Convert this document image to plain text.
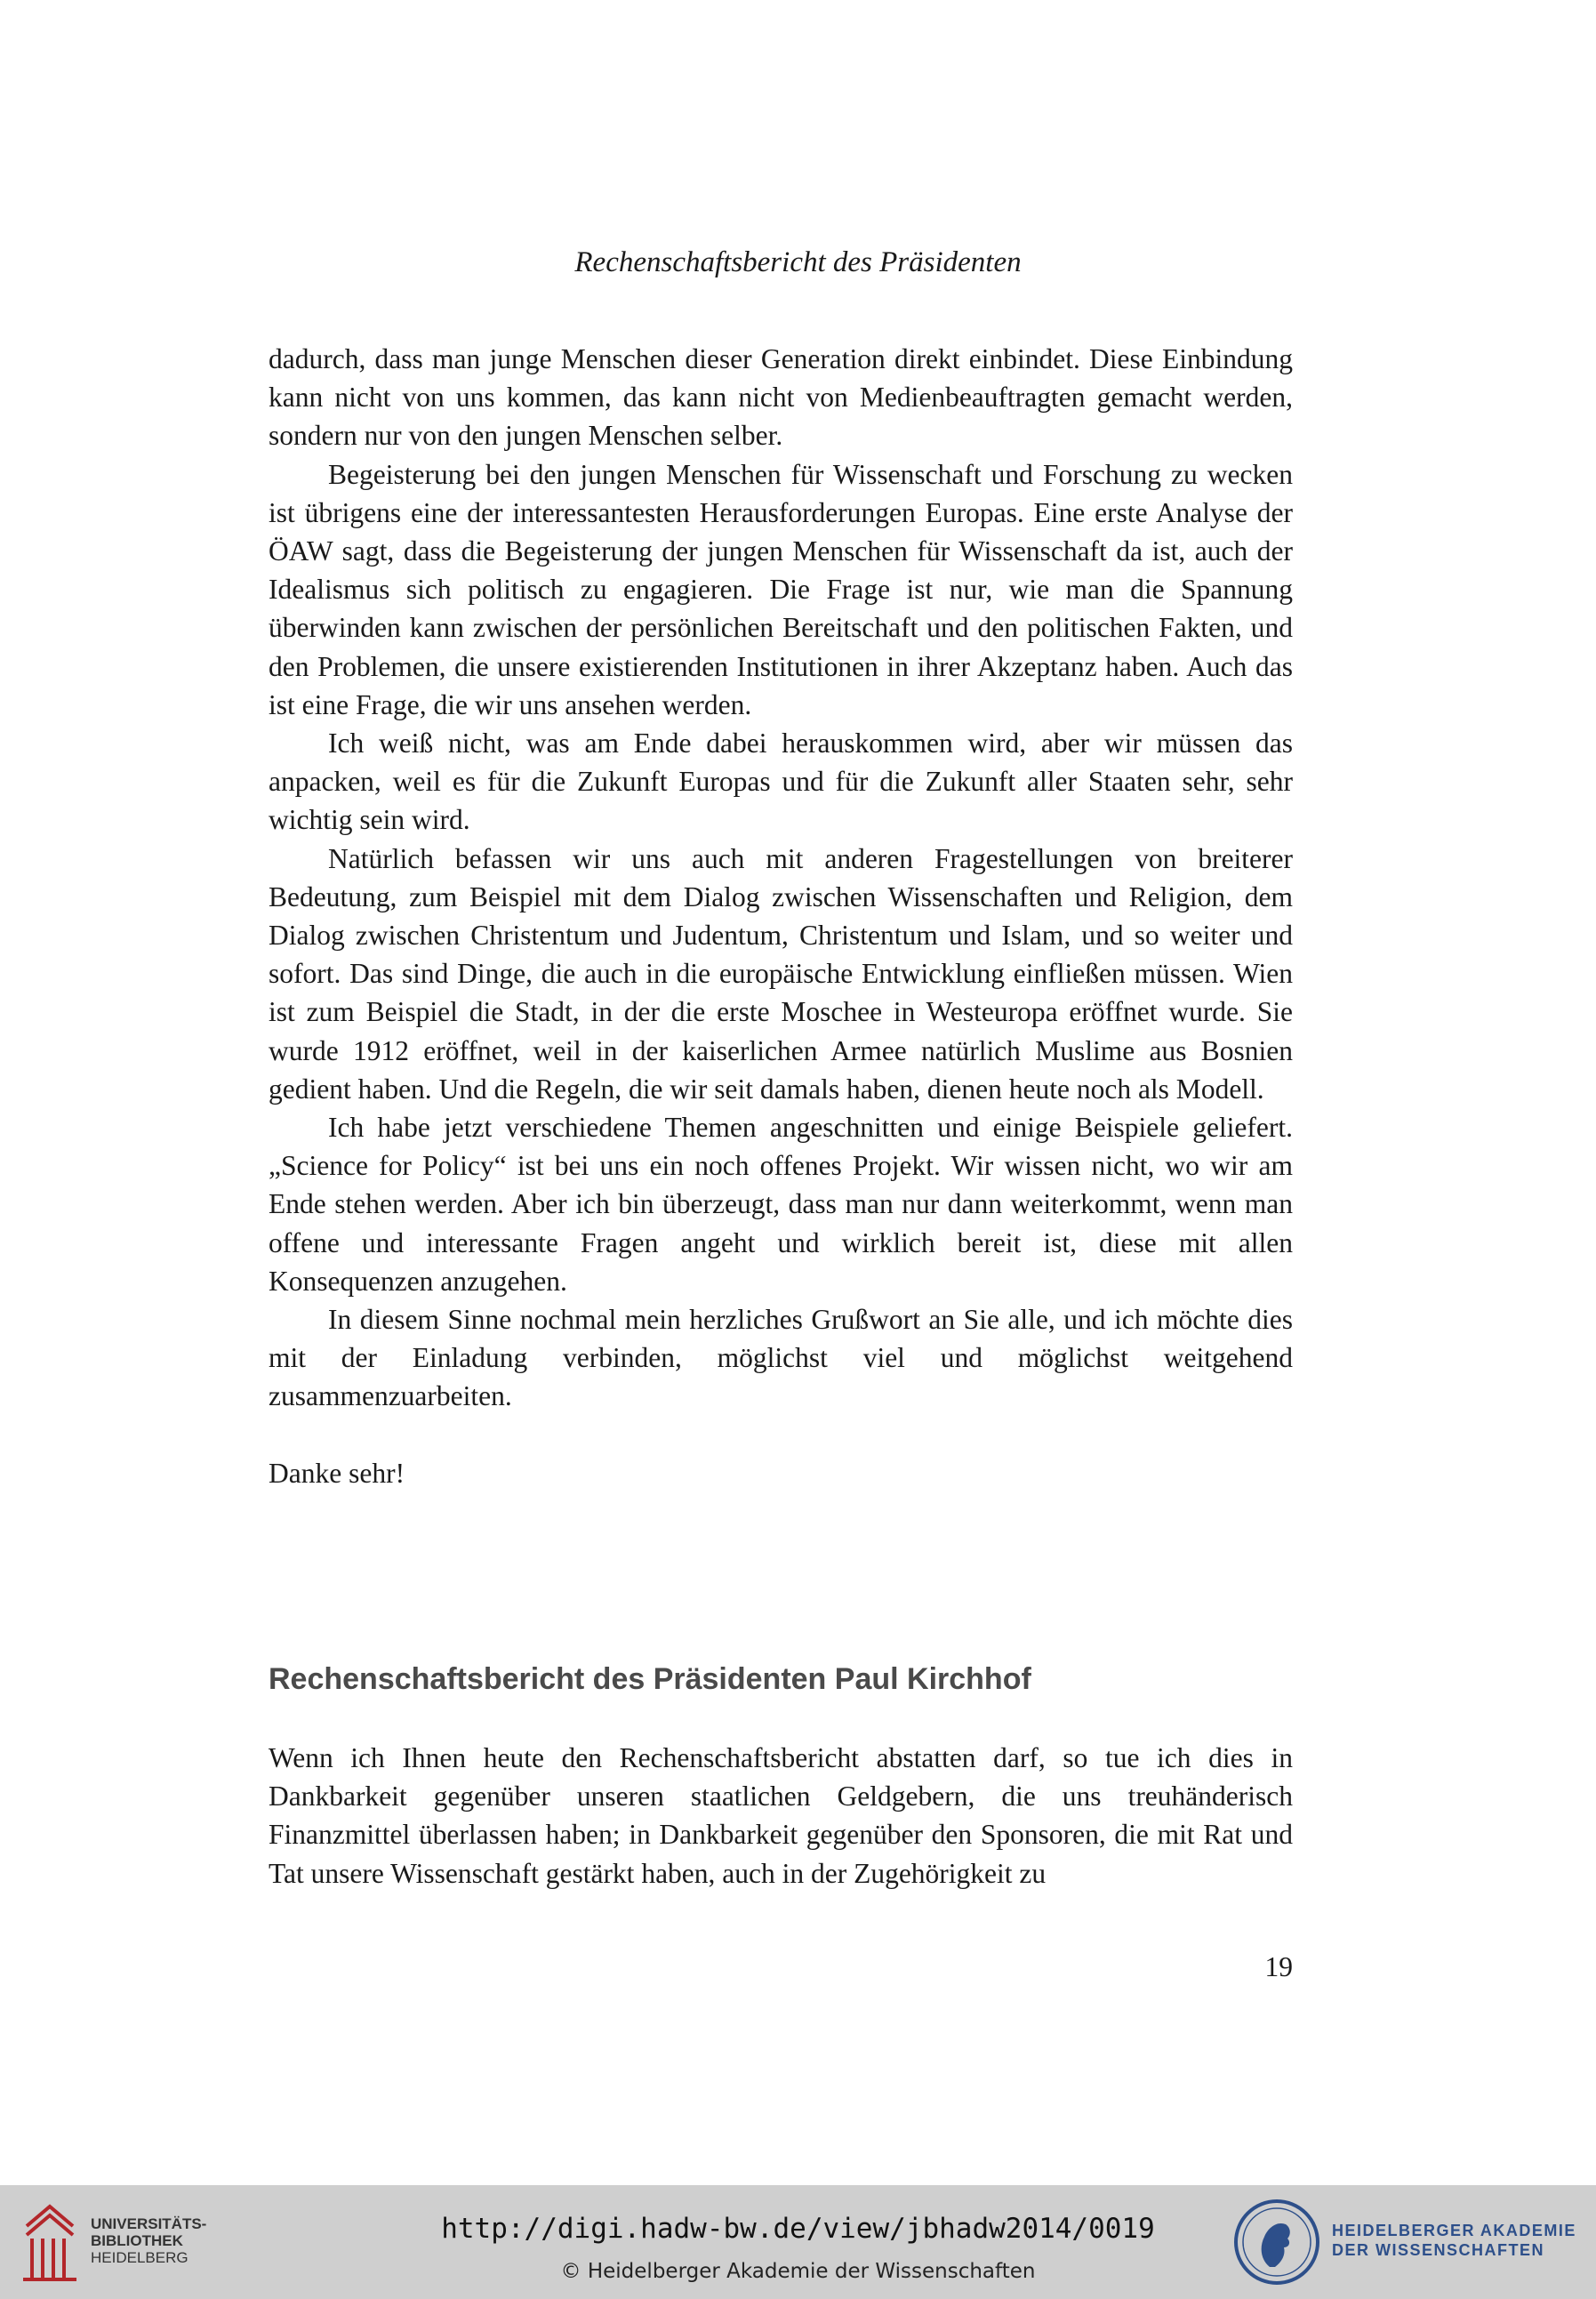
Rechenschaftsbericht des Präsidenten

dadurch, dass man junge Menschen dieser Generation direkt einbindet. Diese Einbindung kann nicht von uns kommen, das kann nicht von Medienbeauftragten gemacht werden, sondern nur von den jungen Menschen selber.

Begeisterung bei den jungen Menschen für Wissenschaft und Forschung zu wecken ist übrigens eine der interessantesten Herausforderungen Europas. Eine erste Analyse der ÖAW sagt, dass die Begeisterung der jungen Menschen für Wissenschaft da ist, auch der Idealismus sich politisch zu engagieren. Die Frage ist nur, wie man die Spannung überwinden kann zwischen der persönlichen Bereitschaft und den politischen Fakten, und den Problemen, die unsere existierenden Institutionen in ihrer Akzeptanz haben. Auch das ist eine Frage, die wir uns ansehen werden.

Ich weiß nicht, was am Ende dabei herauskommen wird, aber wir müssen das anpacken, weil es für die Zukunft Europas und für die Zukunft aller Staaten sehr, sehr wichtig sein wird.

Natürlich befassen wir uns auch mit anderen Fragestellungen von breiterer Bedeutung, zum Beispiel mit dem Dialog zwischen Wissenschaften und Religion, dem Dialog zwischen Christentum und Judentum, Christentum und Islam, und so weiter und sofort. Das sind Dinge, die auch in die europäische Entwicklung einfließen müssen. Wien ist zum Beispiel die Stadt, in der die erste Moschee in Westeuropa eröffnet wurde. Sie wurde 1912 eröffnet, weil in der kaiserlichen Armee natürlich Muslime aus Bosnien gedient haben. Und die Regeln, die wir seit damals haben, dienen heute noch als Modell.

Ich habe jetzt verschiedene Themen angeschnitten und einige Beispiele geliefert. „Science for Policy“ ist bei uns ein noch offenes Projekt. Wir wissen nicht, wo wir am Ende stehen werden. Aber ich bin überzeugt, dass man nur dann weiterkommt, wenn man offene und interessante Fragen angeht und wirklich bereit ist, diese mit allen Konsequenzen anzugehen.

In diesem Sinne nochmal mein herzliches Grußwort an Sie alle, und ich möchte dies mit der Einladung verbinden, möglichst viel und möglichst weitgehend zusammenzuarbeiten.

Danke sehr!

Rechenschaftsbericht des Präsidenten Paul Kirchhof

Wenn ich Ihnen heute den Rechenschaftsbericht abstatten darf, so tue ich dies in Dankbarkeit gegenüber unseren staatlichen Geldgebern, die uns treuhänderisch Finanzmittel überlassen haben; in Dankbarkeit gegenüber den Sponsoren, die mit Rat und Tat unsere Wissenschaft gestärkt haben, auch in der Zugehörigkeit zu

19
UNIVERSITÄTS-
BIBLIOTHEK
HEIDELBERG
http://digi.hadw-bw.de/view/jbhadw2014/0019
© Heidelberger Akademie der Wissenschaften
HEIDELBERGER AKADEMIE
DER WISSENSCHAFTEN
